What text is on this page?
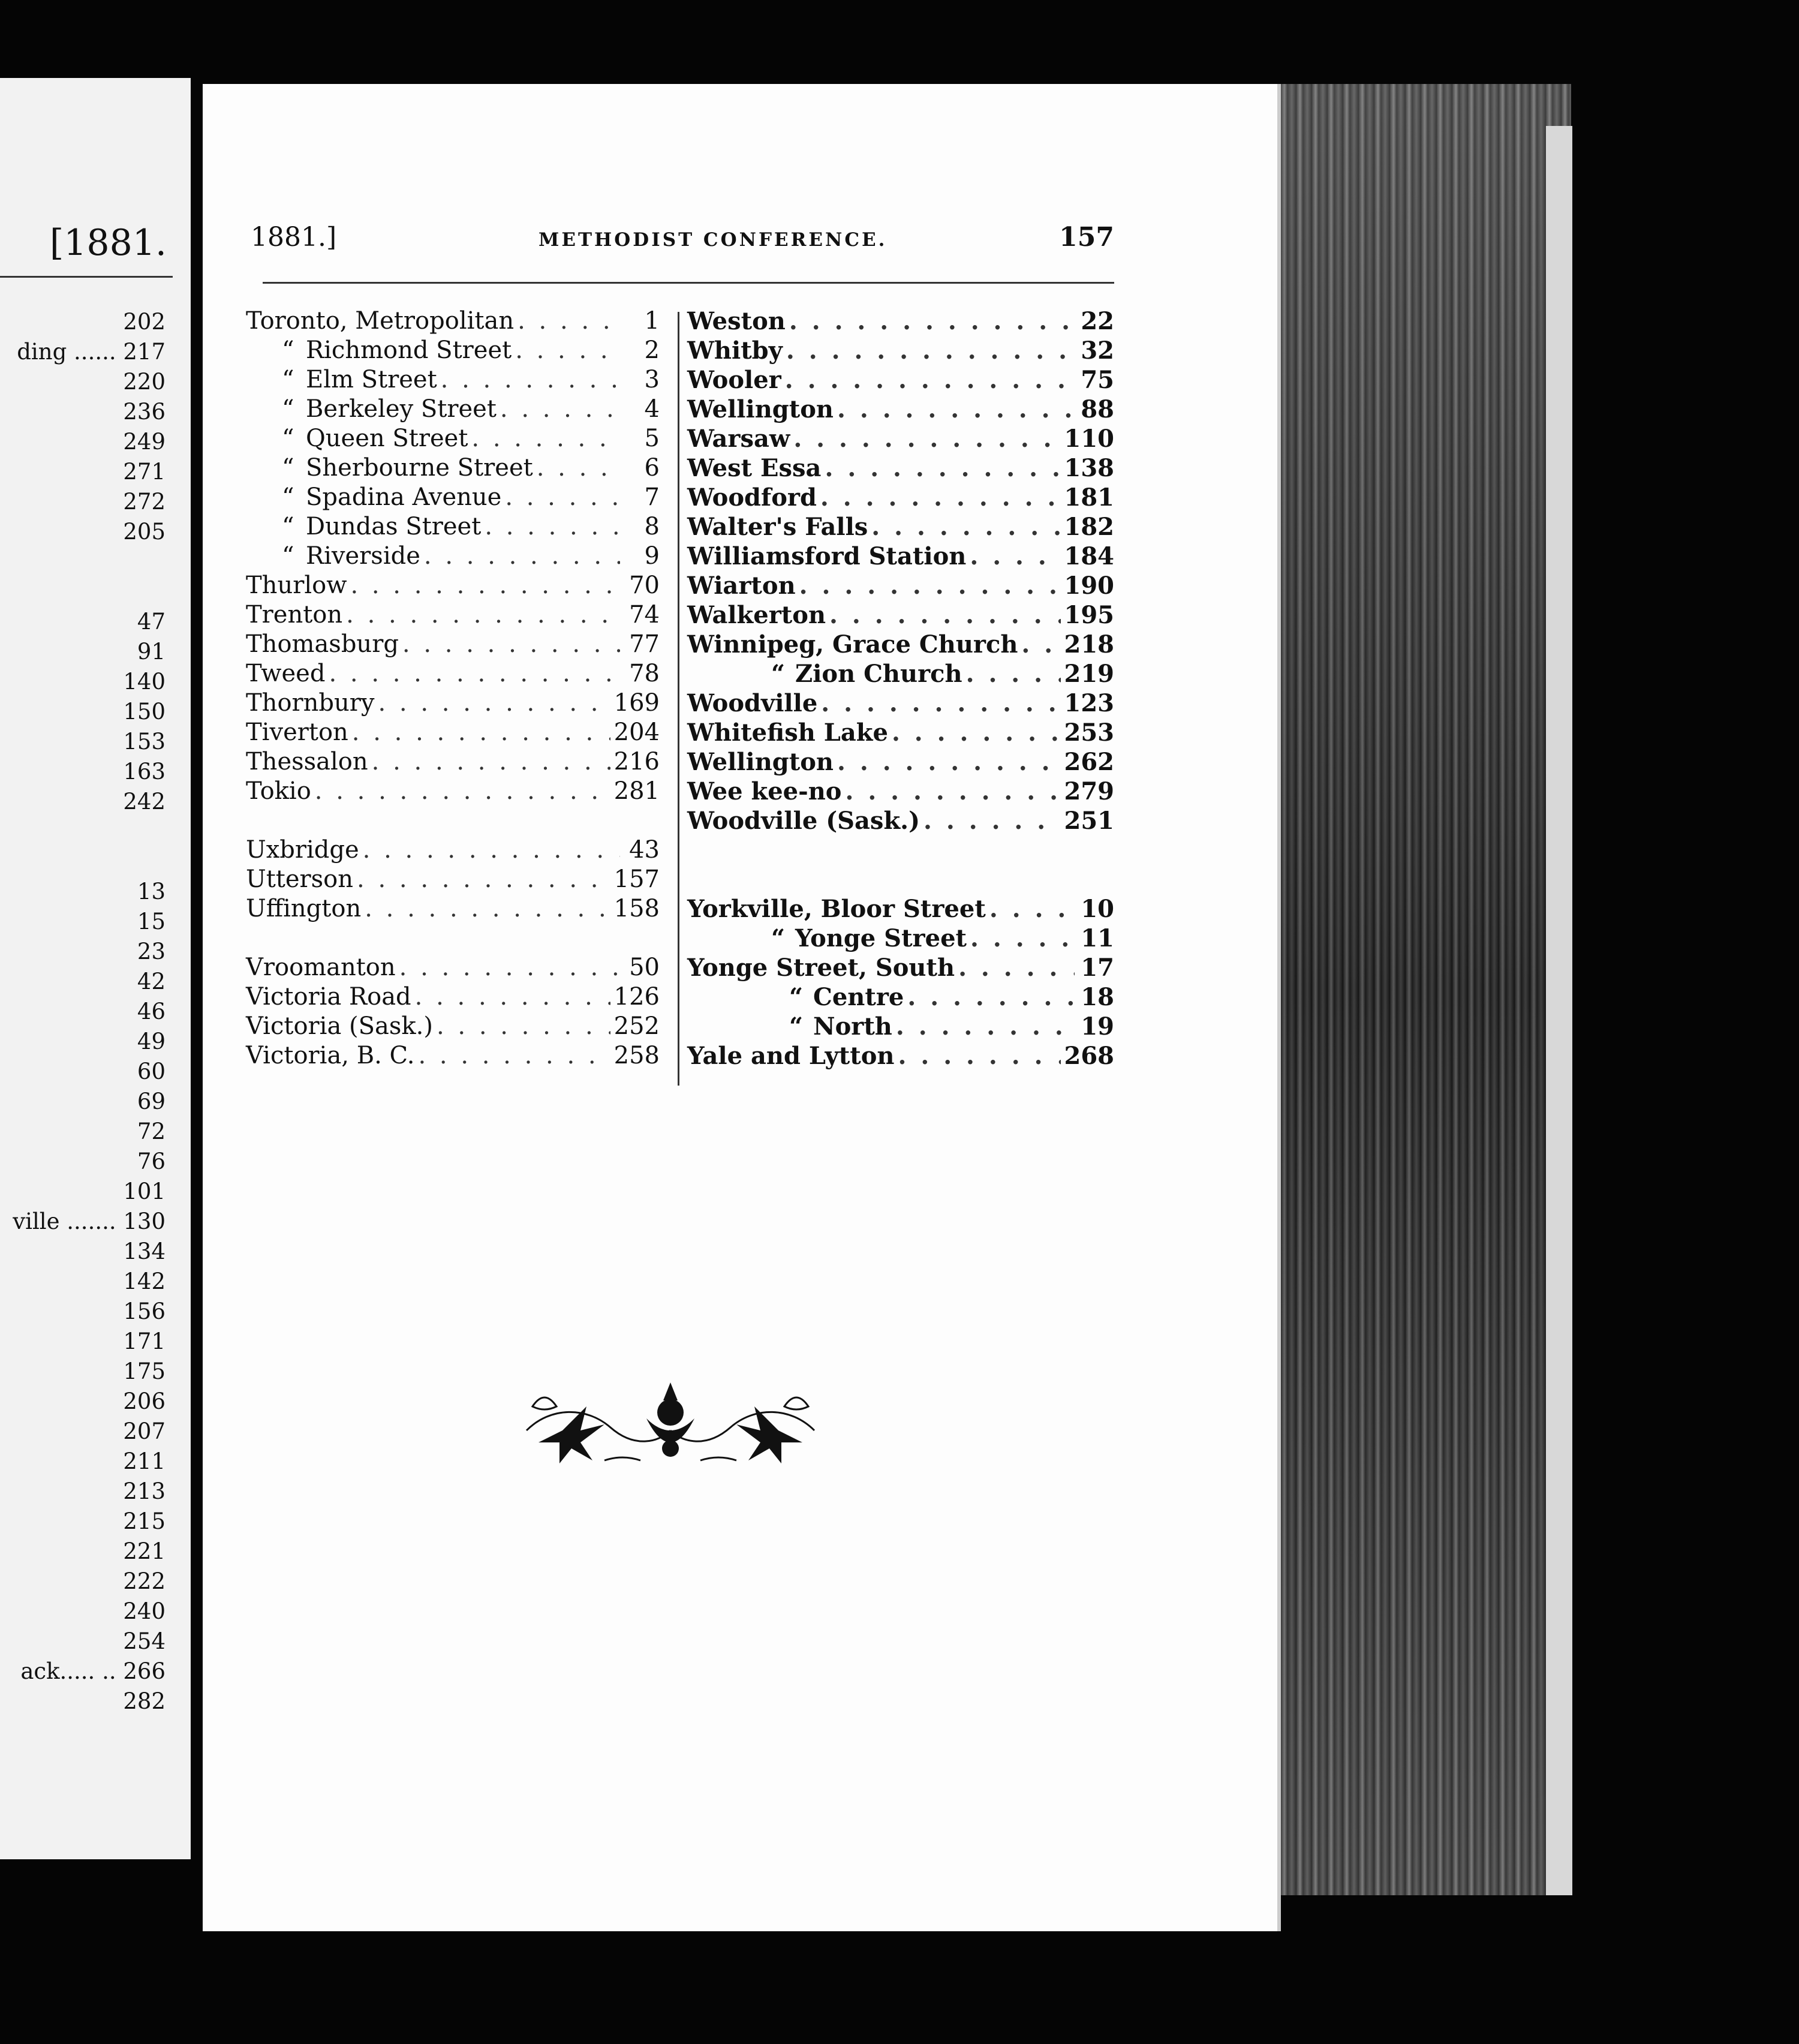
[1881.
202
ding ...... 217
220
236
249
271
272
205
47
91
140
150
153
163
242
13
15
23
42
46
49
60
69
72
76
101
ville ....... 130
134
142
156
171
175
206
207
211
213
215
221
222
240
254
ack..... .. 266
282
1881.]	METHODIST CONFERENCE.	157
Toronto, Metropolitan . . .	1
“ Richmond Street . . .	2
“ Elm Street . . .	3
“ Berkeley Street . . .	4
“ Queen Street . . .	5
“ Sherbourne Street . . .	6
“ Spadina Avenue . . .	7
“ Dundas Street . . .	8
“ Riverside . . .	9
Thurlow . . .	70
Trenton . . .	74
Thomasburg . . .	77
Tweed . . .	78
Thornbury . . .	169
Tiverton . . .	204
Thessalon . . .	216
Tokio . . .	281
Uxbridge . . .	43
Utterson . . .	157
Uffington . . .	158
Vroomanton . . .	50
Victoria Road . . .	126
Victoria (Sask.) . . .	252
Victoria, B. C. . . .	258
Weston . . .	22
Whitby . . .	32
Wooler . . .	75
Wellington . . .	88
Warsaw . . .	110
West Essa . . .	138
Woodford . . .	181
Walter's Falls . . .	182
Williamsford Station . . .	184
Wiarton . . .	190
Walkerton . . .	195
Winnipeg, Grace Church . . . 218
“ Zion Church . . .	219
Woodville . . .	123
Whitefish Lake . . .	253
Wellington . . .	262
Wee kee-no . . .	279
Woodville (Sask.) . . .	251
Yorkville, Bloor Street . . .	10
“ Yonge Street . . .	11
Yonge Street, South . . .	17
“ Centre . . .	18
“ North . . .	19
Yale and Lytton . . .	268
